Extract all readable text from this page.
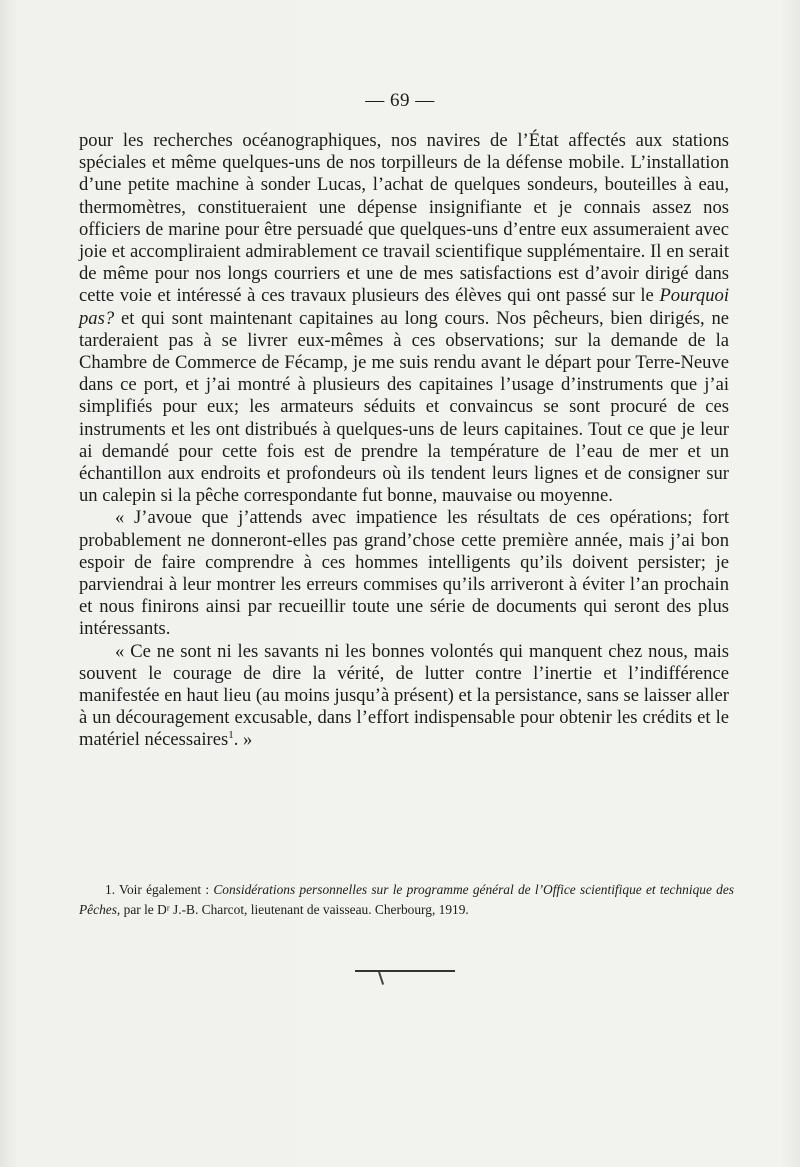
— 69 —

pour les recherches océanographiques, nos navires de l’État affectés aux stations spéciales et même quelques-uns de nos torpilleurs de la défense mobile. L’installation d’une petite machine à sonder Lucas, l’achat de quelques sondeurs, bouteilles à eau, thermomètres, constitueraient une dépense insignifiante et je connais assez nos officiers de marine pour être persuadé que quelques-uns d’entre eux assumeraient avec joie et accompliraient admirablement ce travail scientifique supplémentaire. Il en serait de même pour nos longs courriers et une de mes satisfactions est d’avoir dirigé dans cette voie et intéressé à ces travaux plusieurs des élèves qui ont passé sur le Pourquoi pas? et qui sont maintenant capitaines au long cours. Nos pêcheurs, bien dirigés, ne tarderaient pas à se livrer eux-mêmes à ces observations; sur la demande de la Chambre de Commerce de Fécamp, je me suis rendu avant le départ pour Terre-Neuve dans ce port, et j’ai montré à plusieurs des capitaines l’usage d’instruments que j’ai simplifiés pour eux; les armateurs séduits et convaincus se sont procuré de ces instruments et les ont distribués à quelques-uns de leurs capitaines. Tout ce que je leur ai demandé pour cette fois est de prendre la température de l’eau de mer et un échantillon aux endroits et profondeurs où ils tendent leurs lignes et de consigner sur un calepin si la pêche correspondante fut bonne, mauvaise ou moyenne.

« J’avoue que j’attends avec impatience les résultats de ces opérations; fort probablement ne donneront-elles pas grand’chose cette première année, mais j’ai bon espoir de faire comprendre à ces hommes intelligents qu’ils doivent persister; je parviendrai à leur montrer les erreurs commises qu’ils arriveront à éviter l’an prochain et nous finirons ainsi par recueillir toute une série de documents qui seront des plus intéressants.

« Ce ne sont ni les savants ni les bonnes volontés qui manquent chez nous, mais souvent le courage de dire la vérité, de lutter contre l’inertie et l’indifférence manifestée en haut lieu (au moins jusqu’à présent) et la persistance, sans se laisser aller à un découragement excusable, dans l’effort indispensable pour obtenir les crédits et le matériel nécessaires$^1$. »

1. Voir également : Considérations personnelles sur le programme général de l’Office scientifique et technique des Pêches, par le Dʳ J.-B. Charcot, lieutenant de vaisseau. Cherbourg, 1919.
